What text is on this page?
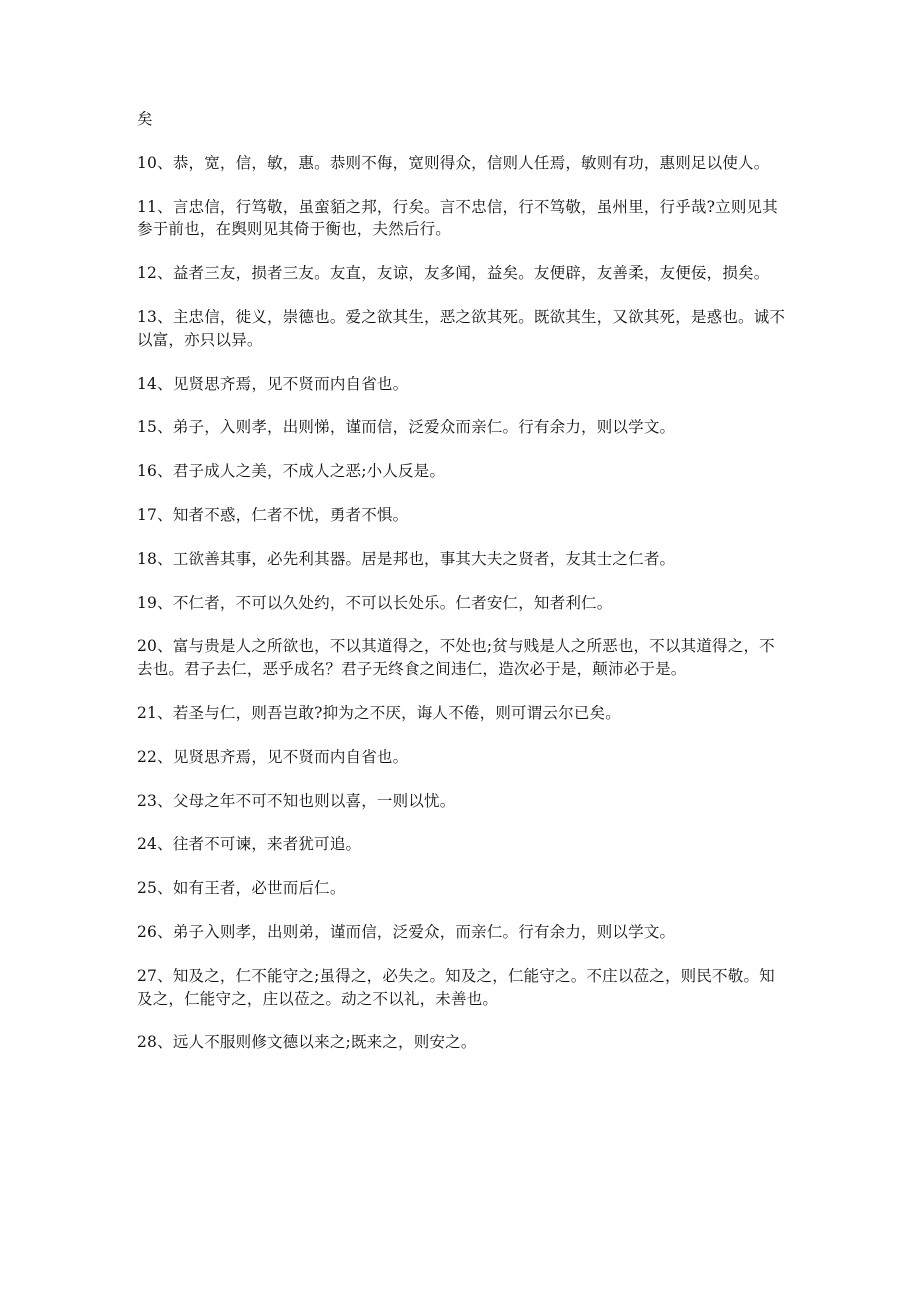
矣

10、恭，宽，信，敏，惠。恭则不侮，宽则得众，信则人任焉，敏则有功，惠则足以使人。

11、言忠信，行笃敬，虽蛮貊之邦，行矣。言不忠信，行不笃敬，虽州里，行乎哉?立则见其参于前也，在舆则见其倚于衡也，夫然后行。

12、益者三友，损者三友。友直，友谅，友多闻，益矣。友便辟，友善柔，友便佞，损矣。

13、主忠信，徙义，崇德也。爱之欲其生，恶之欲其死。既欲其生，又欲其死，是惑也。诚不以富，亦只以异。

14、见贤思齐焉，见不贤而内自省也。

15、弟子，入则孝，出则悌，谨而信，泛爱众而亲仁。行有余力，则以学文。

16、君子成人之美，不成人之恶;小人反是。

17、知者不惑，仁者不忧，勇者不惧。

18、工欲善其事，必先利其器。居是邦也，事其大夫之贤者，友其士之仁者。

19、不仁者，不可以久处约，不可以长处乐。仁者安仁，知者利仁。

20、富与贵是人之所欲也，不以其道得之，不处也;贫与贱是人之所恶也，不以其道得之，不去也。君子去仁，恶乎成名？君子无终食之间违仁，造次必于是，颠沛必于是。

21、若圣与仁，则吾岂敢?抑为之不厌，诲人不倦，则可谓云尔已矣。

22、见贤思齐焉，见不贤而内自省也。

23、父母之年不可不知也则以喜，一则以忧。

24、往者不可谏，来者犹可追。

25、如有王者，必世而后仁。

26、弟子入则孝，出则弟，谨而信，泛爱众，而亲仁。行有余力，则以学文。

27、知及之，仁不能守之;虽得之，必失之。知及之，仁能守之。不庄以莅之，则民不敬。知及之，仁能守之，庄以莅之。动之不以礼，未善也。

28、远人不服则修文德以来之;既来之，则安之。
